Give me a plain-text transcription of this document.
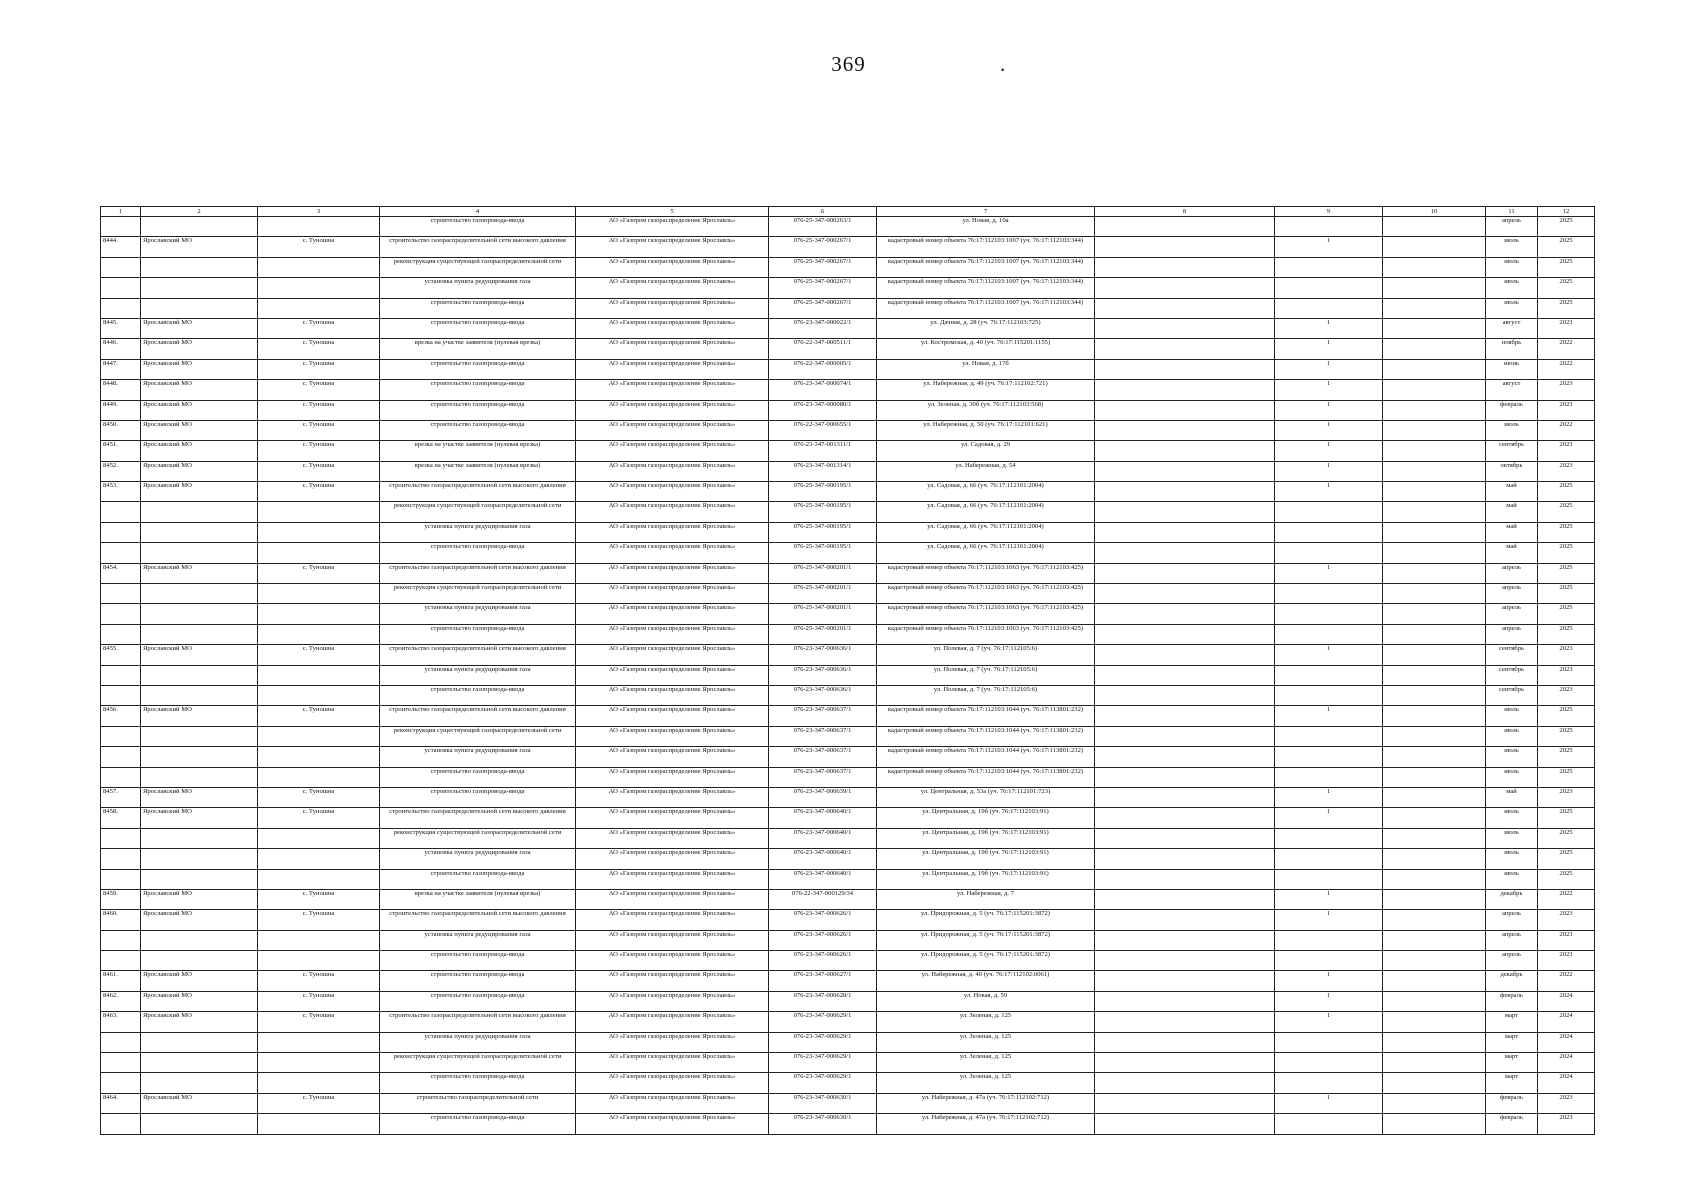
369	.
1	2	3	4	5	6	7	8	9	10	11	12
			строительство газопровода-ввода	АО «Газпром газораспределение Ярославль»	076-25-347-000263/1	ул. Новая, д. 10а				апрель	2025
8444.	Ярославский МО	с. Туношна	строительство газораспределительной сети высокого давления	АО «Газпром газораспределение Ярославль»	076-25-347-000267/1	кадастровый номер объекта 76:17:112103:1007 (уч. 76:17:112103:344)		1		июль	2025
			реконструкция существующей газораспределительной сети	АО «Газпром газораспределение Ярославль»	076-25-347-000267/1	кадастровый номер объекта 76:17:112103:1007 (уч. 76:17:112103:344)				июль	2025
			установка пункта редуцирования газа	АО «Газпром газораспределение Ярославль»	076-25-347-000267/1	кадастровый номер объекта 76:17:112103:1007 (уч. 76:17:112103:344)				июль	2025
			строительство газопровода-ввода	АО «Газпром газораспределение Ярославль»	076-25-347-000267/1	кадастровый номер объекта 76:17:112103:1007 (уч. 76:17:112103:344)				июль	2025
8445.	Ярославский МО	с. Туношна	строительство газопровода-ввода	АО «Газпром газораспределение Ярославль»	076-23-347-000022/1	ул. Дачная, д. 28 (уч. 76:17:112103:725)		1		август	2023
8446.	Ярославский МО	с. Туношна	врезка на участке заявителя (нулевая врезка)	АО «Газпром газораспределение Ярославль»	076-22-347-000511/1	ул. Костромская, д. 40 (уч. 76:17:115201:1155)		1		ноябрь	2022
8447.	Ярославский МО	с. Туношна	строительство газопровода-ввода	АО «Газпром газораспределение Ярославль»	076-22-347-000005/1	ул. Новая, д. 17б		1		июнь	2022
8448.	Ярославский МО	с. Туношна	строительство газопровода-ввода	АО «Газпром газораспределение Ярославль»	076-23-347-000074/1	ул. Набережная, д. 49 (уч. 76:17:112102:721)		1		август	2023
8449.	Ярославский МО	с. Туношна	строительство газопровода-ввода	АО «Газпром газораспределение Ярославль»	076-23-347-000080/1	ул. Зеленая, д. 30б (уч. 76:17:112103:568)		1		февраль	2023
8450.	Ярославский МО	с. Туношна	строительство газопровода-ввода	АО «Газпром газораспределение Ярославль»	076-22-347-000655/1	ул. Набережная, д. 50 (уч. 76:17:112101:621)		1		июль	2022
8451.	Ярославский МО	с. Туношна	врезка на участке заявителя (нулевая врезка)	АО «Газпром газораспределение Ярославль»	076-23-347-001311/1	ул. Садовая, д. 29		1		сентябрь	2023
8452.	Ярославский МО	с. Туношна	врезка на участке заявителя (нулевая врезка)	АО «Газпром газораспределение Ярославль»	076-23-347-001314/1	ул. Набережная, д. 54		1		октябрь	2023
8453.	Ярославский МО	с. Туношна	строительство газораспределительной сети высокого давления	АО «Газпром газораспределение Ярославль»	076-25-347-000195/1	ул. Садовая, д. 66 (уч. 76:17:112101:2004)		1		май	2025
			реконструкция существующей газораспределительной сети	АО «Газпром газораспределение Ярославль»	076-25-347-000195/1	ул. Садовая, д. 66 (уч. 76:17:112101:2004)				май	2025
			установка пункта редуцирования газа	АО «Газпром газораспределение Ярославль»	076-25-347-000195/1	ул. Садовая, д. 66 (уч. 76:17:112101:2004)				май	2025
			строительство газопровода-ввода	АО «Газпром газораспределение Ярославль»	076-25-347-000195/1	ул. Садовая, д. 66 (уч. 76:17:112101:2004)				май	2025
8454.	Ярославский МО	с. Туношна	строительство газораспределительной сети высокого давления	АО «Газпром газораспределение Ярославль»	076-25-347-000201/1	кадастровый номер объекта 76:17:112103:1063 (уч. 76:17:112103:425)		1		апрель	2025
			реконструкция существующей газораспределительной сети	АО «Газпром газораспределение Ярославль»	076-25-347-000201/1	кадастровый номер объекта 76:17:112103:1063 (уч. 76:17:112103:425)				апрель	2025
			установка пункта редуцирования газа	АО «Газпром газораспределение Ярославль»	076-25-347-000201/1	кадастровый номер объекта 76:17:112103:1063 (уч. 76:17:112103:425)				апрель	2025
			строительство газопровода-ввода	АО «Газпром газораспределение Ярославль»	076-25-347-000201/1	кадастровый номер объекта 76:17:112103:1063 (уч. 76:17:112103:425)				апрель	2025
8455.	Ярославский МО	с. Туношна	строительство газораспределительной сети высокого давления	АО «Газпром газораспределение Ярославль»	076-23-347-000636/1	ул. Полевая, д. 7 (уч. 76:17:112105:6)		1		сентябрь	2023
			установка пункта редуцирования газа	АО «Газпром газораспределение Ярославль»	076-23-347-000636/1	ул. Полевая, д. 7 (уч. 76:17:112105:6)				сентябрь	2023
			строительство газопровода-ввода	АО «Газпром газораспределение Ярославль»	076-23-347-000636/1	ул. Полевая, д. 7 (уч. 76:17:112105:6)				сентябрь	2023
8456.	Ярославский МО	с. Туношна	строительство газораспределительной сети высокого давления	АО «Газпром газораспределение Ярославль»	076-23-347-000637/1	кадастровый номер объекта 76:17:112103:1044 (уч. 76:17:113801:232)		1		июль	2025
			реконструкция существующей газораспределительной сети	АО «Газпром газораспределение Ярославль»	076-23-347-000637/1	кадастровый номер объекта 76:17:112103:1044 (уч. 76:17:113801:232)				июль	2025
			установка пункта редуцирования газа	АО «Газпром газораспределение Ярославль»	076-23-347-000637/1	кадастровый номер объекта 76:17:112103:1044 (уч. 76:17:113801:232)				июль	2025
			строительство газопровода-ввода	АО «Газпром газораспределение Ярославль»	076-23-347-000637/1	кадастровый номер объекта 76:17:112103:1044 (уч. 76:17:113801:232)				июль	2025
8457.	Ярославский МО	с. Туношна	строительство газопровода-ввода	АО «Газпром газораспределение Ярославль»	076-23-347-000639/1	ул. Центральная, д. 53а (уч. 76:17:112101:723)		1		май	2023
8458.	Ярославский МО	с. Туношна	строительство газораспределительной сети высокого давления	АО «Газпром газораспределение Ярославль»	076-23-347-000640/1	ул. Центральная, д. 19б (уч. 76:17:112103:91)		1		июль	2025
			реконструкция существующей газораспределительной сети	АО «Газпром газораспределение Ярославль»	076-23-347-000640/1	ул. Центральная, д. 19б (уч. 76:17:112103:91)				июль	2025
			установка пункта редуцирования газа	АО «Газпром газораспределение Ярославль»	076-23-347-000640/1	ул. Центральная, д. 19б (уч. 76:17:112103:91)				июль	2025
			строительство газопровода-ввода	АО «Газпром газораспределение Ярославль»	076-23-347-000640/1	ул. Центральная, д. 19б (уч. 76:17:112103:91)				июль	2025
8459.	Ярославский МО	с. Туношна	врезка на участке заявителя (нулевая врезка)	АО «Газпром газораспределение Ярославль»	076-22-347-000129/34	ул. Набережная, д. 7		1		декабрь	2022
8460.	Ярославский МО	с. Туношна	строительство газораспределительной сети высокого давления	АО «Газпром газораспределение Ярославль»	076-23-347-000626/1	ул. Придорожная, д. 5 (уч. 76:17:115201:3872)		1		апрель	2023
			установка пункта редуцирования газа	АО «Газпром газораспределение Ярославль»	076-23-347-000626/1	ул. Придорожная, д. 5 (уч. 76:17:115201:3872)				апрель	2023
			строительство газопровода-ввода	АО «Газпром газораспределение Ярославль»	076-23-347-000626/1	ул. Придорожная, д. 5 (уч. 76:17:115201:3872)				апрель	2023
8461.	Ярославский МО	с. Туношна	строительство газопровода-ввода	АО «Газпром газораспределение Ярославль»	076-23-347-000627/1	ул. Набережная, д. 40 (уч. 76:17:112102:0061)		1		декабрь	2022
8462.	Ярославский МО	с. Туношна	строительство газопровода-ввода	АО «Газпром газораспределение Ярославль»	076-23-347-000628/1	ул. Новая, д. 59		1		февраль	2024
8463.	Ярославский МО	с. Туношна	строительство газораспределительной сети высокого давления	АО «Газпром газораспределение Ярославль»	076-23-347-000629/1	ул. Зеленая, д. 125		1		март	2024
			установка пункта редуцирования газа	АО «Газпром газораспределение Ярославль»	076-23-347-000629/1	ул. Зеленая, д. 125				март	2024
			реконструкция существующей газораспределительной сети	АО «Газпром газораспределение Ярославль»	076-23-347-000629/1	ул. Зеленая, д. 125				март	2024
			строительство газопровода-ввода	АО «Газпром газораспределение Ярославль»	076-23-347-000629/1	ул. Зеленая, д. 125				март	2024
8464.	Ярославский МО	с. Туношна	строительство газораспределительной сети	АО «Газпром газораспределение Ярославль»	076-23-347-000630/1	ул. Набережная, д. 47а (уч. 76:17:112102:712)		1		февраль	2023
			строительство газопровода-ввода	АО «Газпром газораспределение Ярославль»	076-23-347-000630/1	ул. Набережная, д. 47а (уч. 76:17:112102:712)				февраль	2023
